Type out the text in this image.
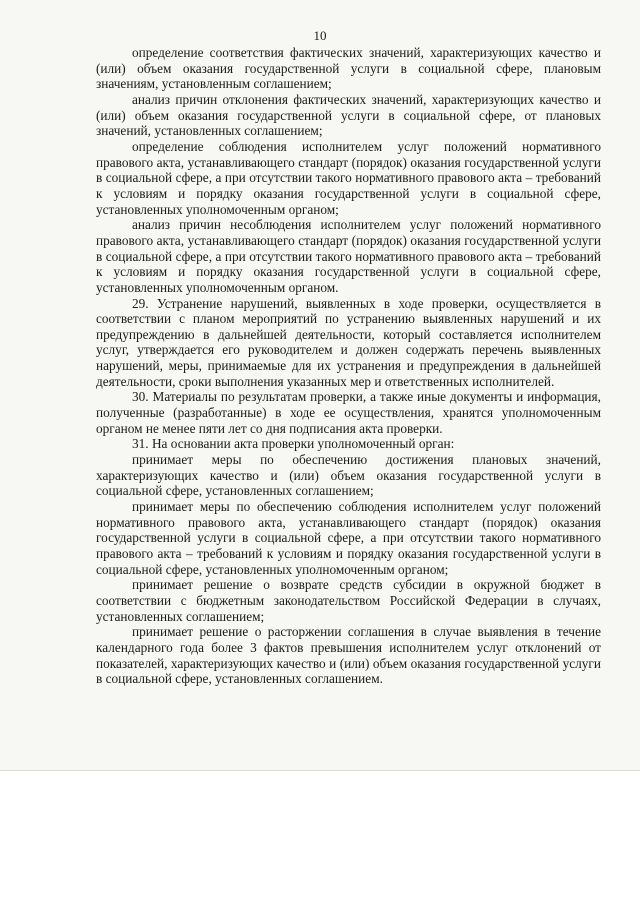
10

определение соответствия фактических значений, характеризующих качество и (или) объем оказания государственной услуги в социальной сфере, плановым значениям, установленным соглашением;

анализ причин отклонения фактических значений, характеризующих качество и (или) объем оказания государственной услуги в социальной сфере, от плановых значений, установленных соглашением;

определение соблюдения исполнителем услуг положений нормативного правового акта, устанавливающего стандарт (порядок) оказания государственной услуги в социальной сфере, а при отсутствии такого нормативного правового акта – требований к условиям и порядку оказания государственной услуги в социальной сфере, установленных уполномоченным органом;

анализ причин несоблюдения исполнителем услуг положений нормативного правового акта, устанавливающего стандарт (порядок) оказания государственной услуги в социальной сфере, а при отсутствии такого нормативного правового акта – требований к условиям и порядку оказания государственной услуги в социальной сфере, установленных уполномоченным органом.

29. Устранение нарушений, выявленных в ходе проверки, осуществляется в соответствии с планом мероприятий по устранению выявленных нарушений и их предупреждению в дальнейшей деятельности, который составляется исполнителем услуг, утверждается его руководителем и должен содержать перечень выявленных нарушений, меры, принимаемые для их устранения и предупреждения в дальнейшей деятельности, сроки выполнения указанных мер и ответственных исполнителей.

30. Материалы по результатам проверки, а также иные документы и информация, полученные (разработанные) в ходе ее осуществления, хранятся уполномоченным органом не менее пяти лет со дня подписания акта проверки.

31. На основании акта проверки уполномоченный орган:

принимает меры по обеспечению достижения плановых значений, характеризующих качество и (или) объем оказания государственной услуги в социальной сфере, установленных соглашением;

принимает меры по обеспечению соблюдения исполнителем услуг положений нормативного правового акта, устанавливающего стандарт (порядок) оказания государственной услуги в социальной сфере, а при отсутствии такого нормативного правового акта – требований к условиям и порядку оказания государственной услуги в социальной сфере, установленных уполномоченным органом;

принимает решение о возврате средств субсидии в окружной бюджет в соответствии с бюджетным законодательством Российской Федерации в случаях, установленных соглашением;

принимает решение о расторжении соглашения в случае выявления в течение календарного года более 3 фактов превышения исполнителем услуг отклонений от показателей, характеризующих качество и (или) объем оказания государственной услуги в социальной сфере, установленных соглашением.
